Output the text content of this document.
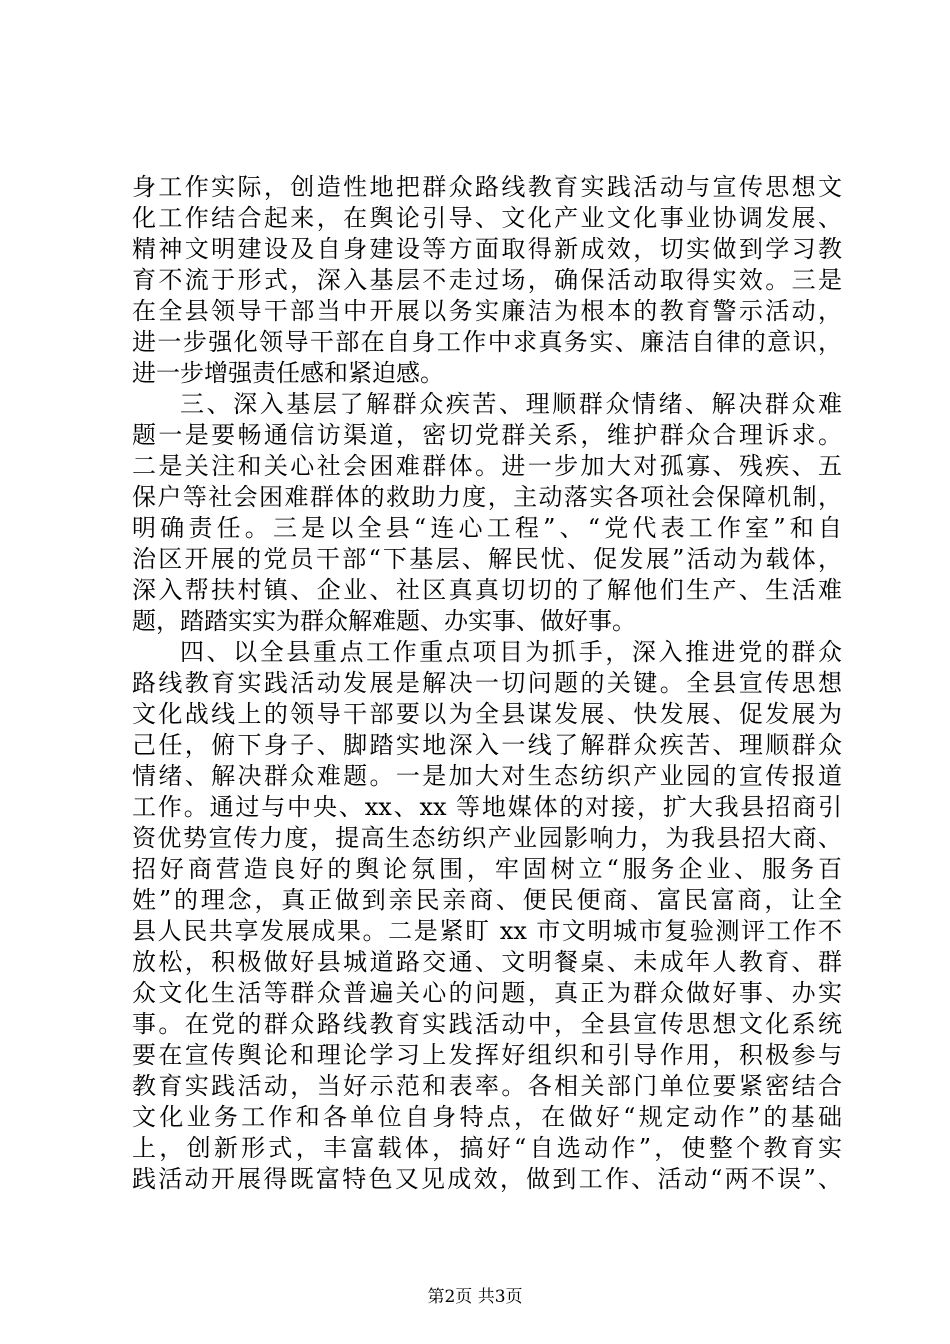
身工作实际，创造性地把群众路线教育实践活动与宣传思想文
化工作结合起来，在舆论引导、文化产业文化事业协调发展、
精神文明建设及自身建设等方面取得新成效，切实做到学习教
育不流于形式，深入基层不走过场，确保活动取得实效。三是
在全县领导干部当中开展以务实廉洁为根本的教育警示活动，
进一步强化领导干部在自身工作中求真务实、廉洁自律的意识，
进一步增强责任感和紧迫感。
三、深入基层了解群众疾苦、理顺群众情绪、解决群众难
题一是要畅通信访渠道，密切党群关系，维护群众合理诉求。
二是关注和关心社会困难群体。进一步加大对孤寡、残疾、五
保户等社会困难群体的救助力度，主动落实各项社会保障机制，
明确责任。三是以全县“连心工程”、“党代表工作室”和自
治区开展的党员干部“下基层、解民忧、促发展”活动为载体，
深入帮扶村镇、企业、社区真真切切的了解他们生产、生活难
题，踏踏实实为群众解难题、办实事、做好事。
四、以全县重点工作重点项目为抓手，深入推进党的群众
路线教育实践活动发展是解决一切问题的关键。全县宣传思想
文化战线上的领导干部要以为全县谋发展、快发展、促发展为
己任，俯下身子、脚踏实地深入一线了解群众疾苦、理顺群众
情绪、解决群众难题。一是加大对生态纺织产业园的宣传报道
工作。通过与中央、xx、xx 等地媒体的对接，扩大我县招商引
资优势宣传力度，提高生态纺织产业园影响力，为我县招大商、
招好商营造良好的舆论氛围，牢固树立“服务企业、服务百
姓”的理念，真正做到亲民亲商、便民便商、富民富商，让全
县人民共享发展成果。二是紧盯 xx 市文明城市复验测评工作不
放松，积极做好县城道路交通、文明餐桌、未成年人教育、群
众文化生活等群众普遍关心的问题，真正为群众做好事、办实
事。在党的群众路线教育实践活动中，全县宣传思想文化系统
要在宣传舆论和理论学习上发挥好组织和引导作用，积极参与
教育实践活动，当好示范和表率。各相关部门单位要紧密结合
文化业务工作和各单位自身特点，在做好“规定动作”的基础
上，创新形式，丰富载体，搞好“自选动作”，使整个教育实
践活动开展得既富特色又见成效，做到工作、活动“两不误”、
第2页 共3页
